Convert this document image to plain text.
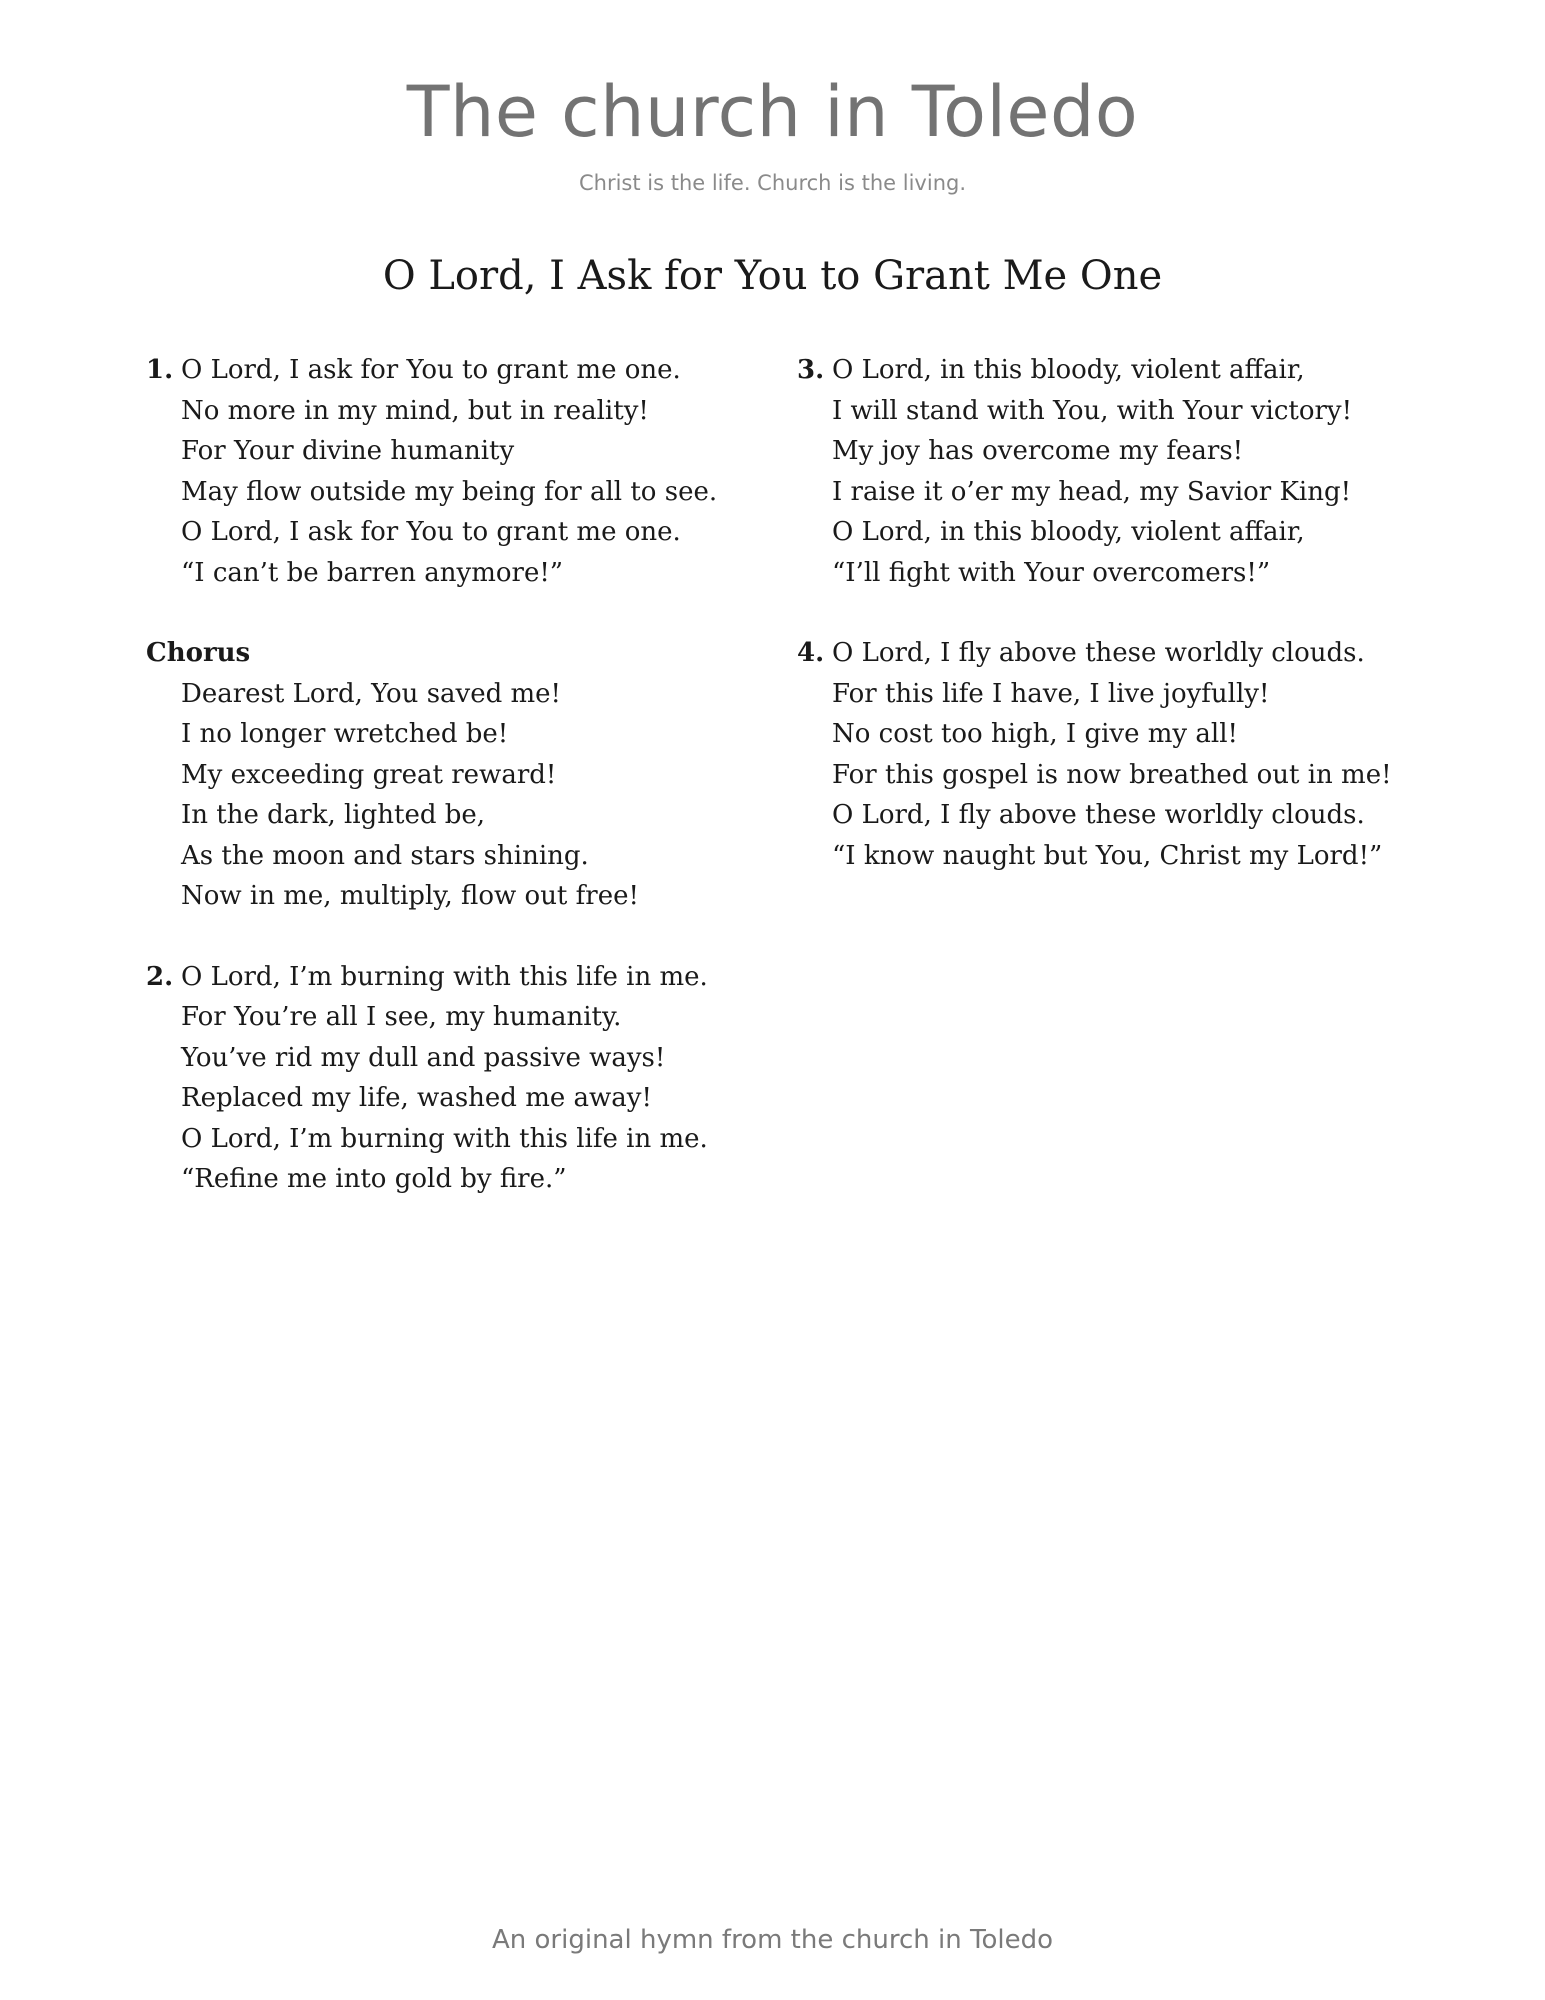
The church in Toledo
Christ is the life. Church is the living.
O Lord, I Ask for You to Grant Me One
1. O Lord, I ask for You to grant me one.
No more in my mind, but in reality!
For Your divine humanity
May flow outside my being for all to see.
O Lord, I ask for You to grant me one.
“I can’t be barren anymore!”
Chorus
Dearest Lord, You saved me!
I no longer wretched be!
My exceeding great reward!
In the dark, lighted be,
As the moon and stars shining.
Now in me, multiply, flow out free!
2. O Lord, I’m burning with this life in me.
For You’re all I see, my humanity.
You’ve rid my dull and passive ways!
Replaced my life, washed me away!
O Lord, I’m burning with this life in me.
“Refine me into gold by fire.”
3. O Lord, in this bloody, violent affair,
I will stand with You, with Your victory!
My joy has overcome my fears!
I raise it o’er my head, my Savior King!
O Lord, in this bloody, violent affair,
“I’ll fight with Your overcomers!”
4. O Lord, I fly above these worldly clouds.
For this life I have, I live joyfully!
No cost too high, I give my all!
For this gospel is now breathed out in me!
O Lord, I fly above these worldly clouds.
“I know naught but You, Christ my Lord!”
An original hymn from the church in Toledo
